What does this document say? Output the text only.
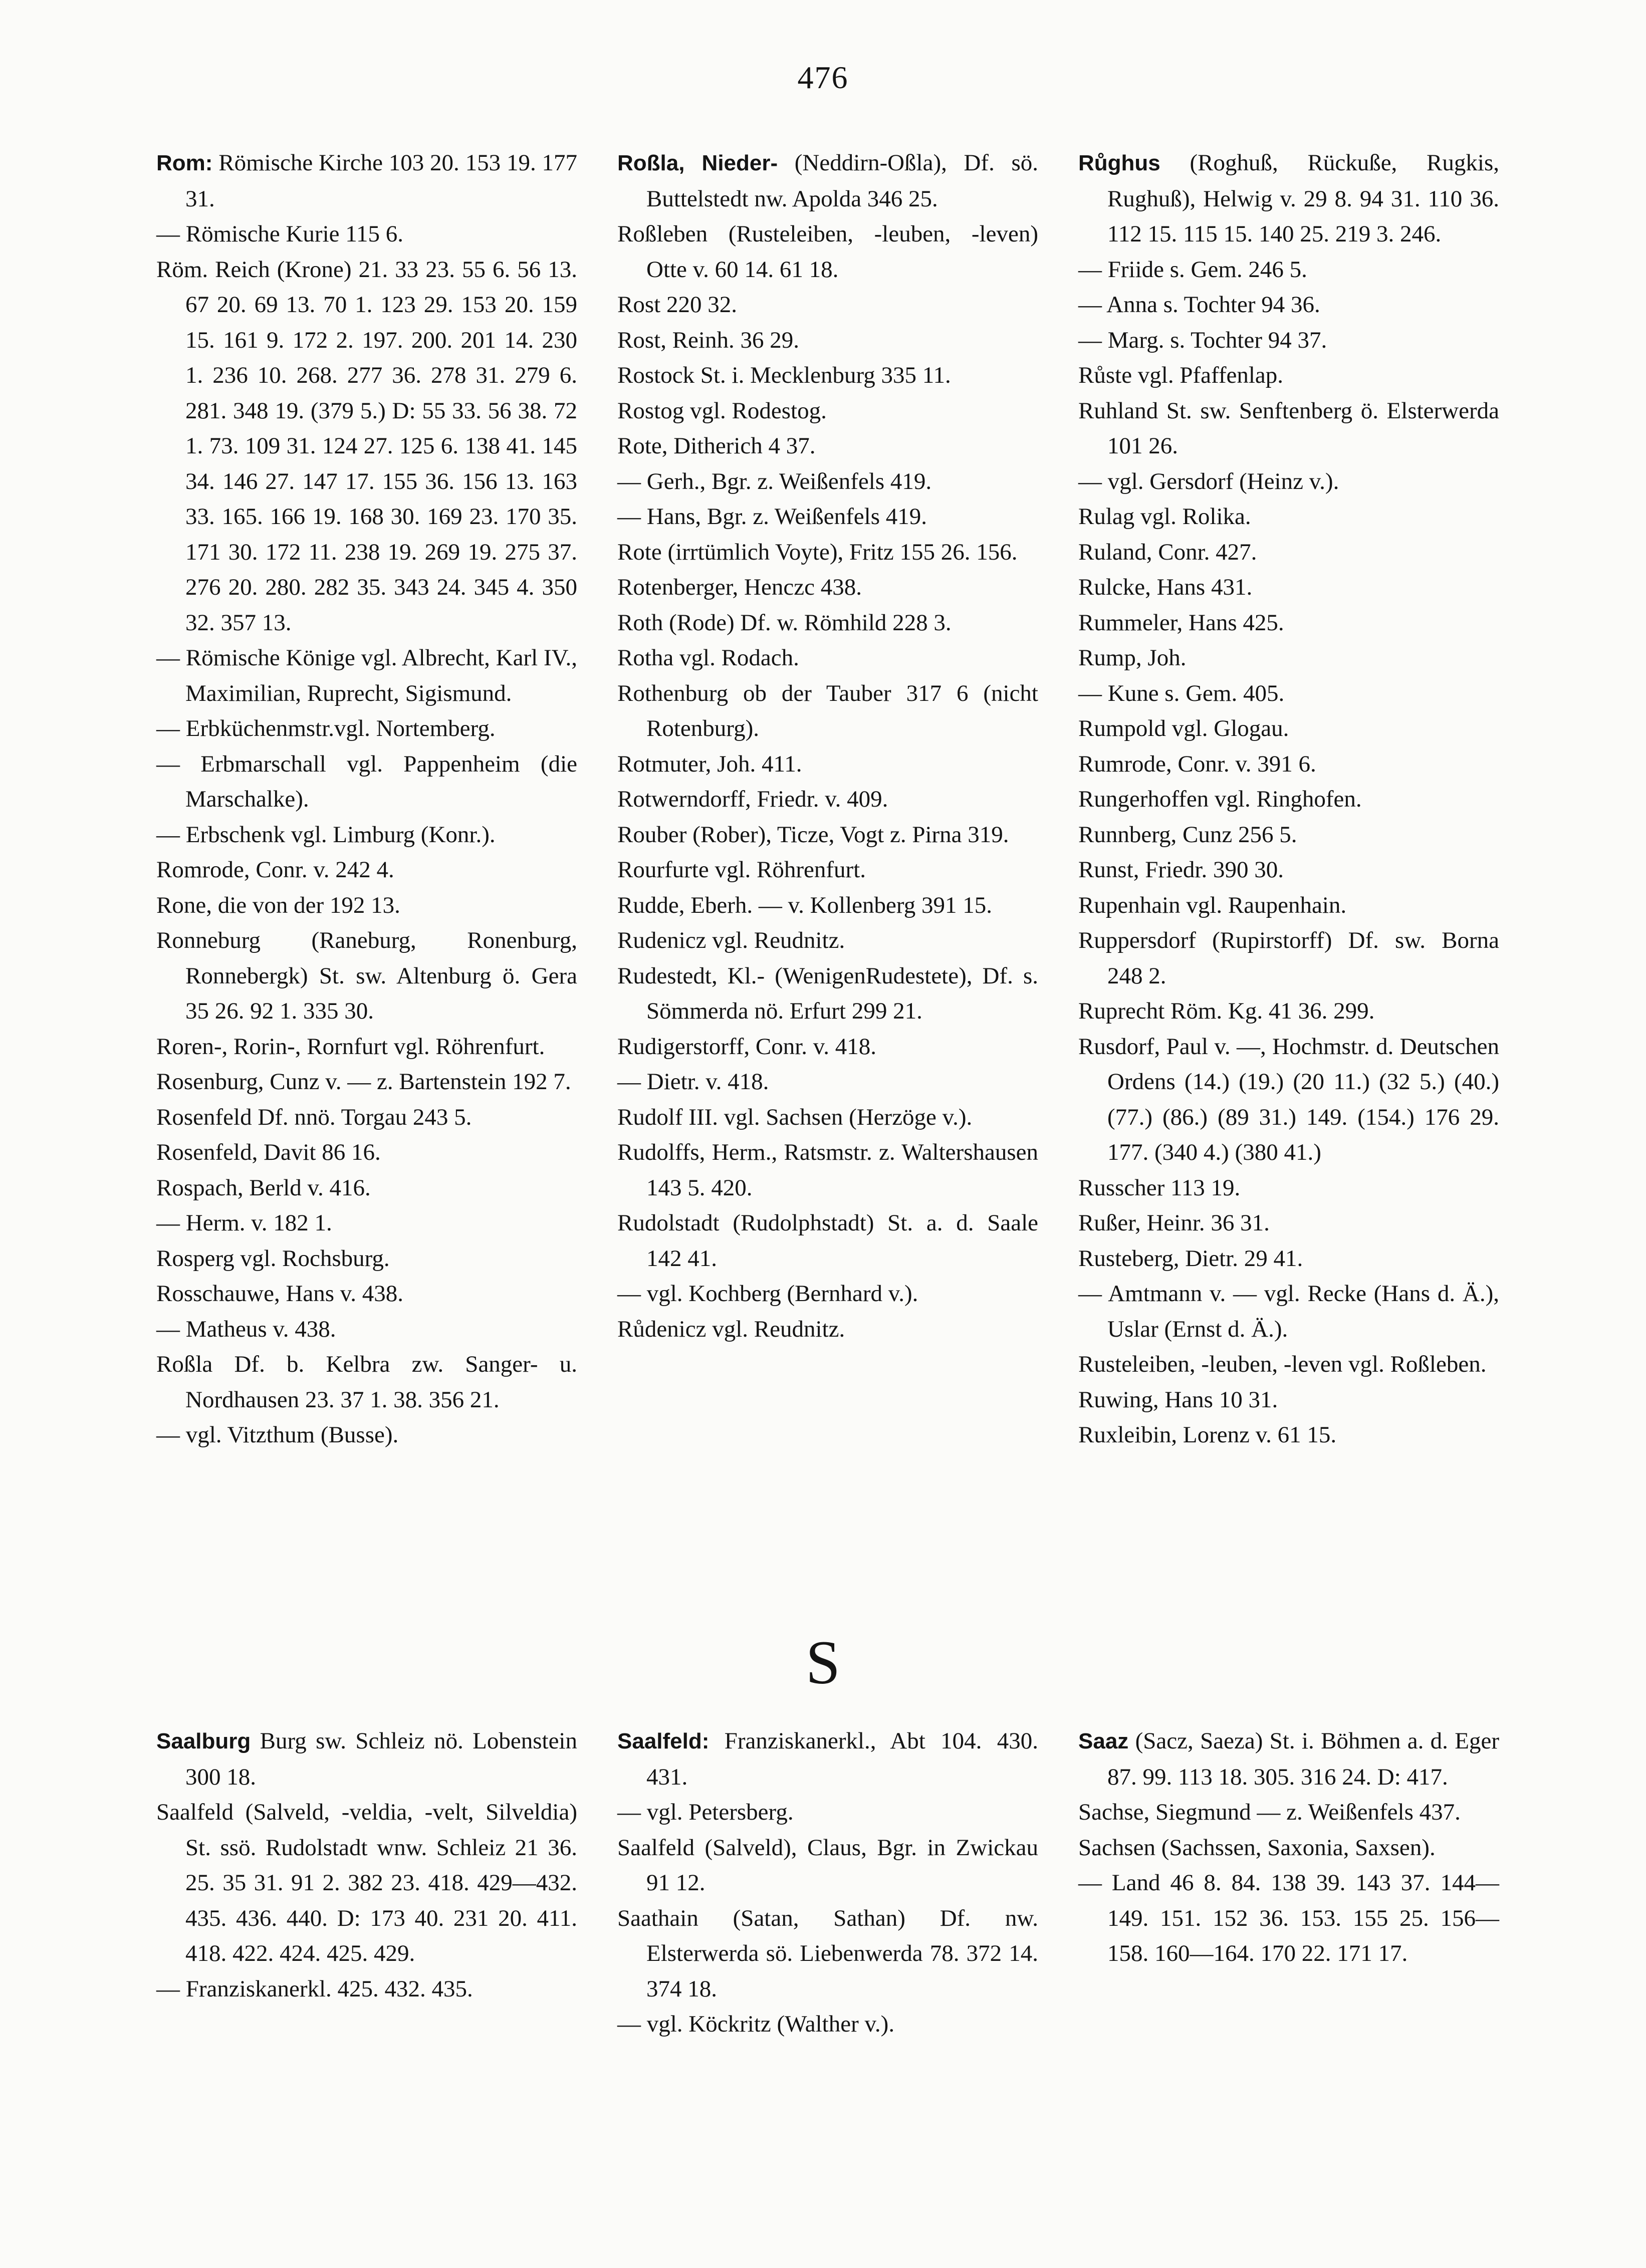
476
Rom: Römische Kirche 103 20. 153 19. 177 31.
— Römische Kurie 115 6.
Röm. Reich (Krone) 21. 33 23. 55 6. 56 13. 67 20. 69 13. 70 1. 123 29. 153 20. 159 15. 161 9. 172 2. 197. 200. 201 14. 230 1. 236 10. 268. 277 36. 278 31. 279 6. 281. 348 19. (379 5.) D: 55 33. 56 38. 72 1. 73. 109 31. 124 27. 125 6. 138 41. 145 34. 146 27. 147 17. 155 36. 156 13. 163 33. 165. 166 19. 168 30. 169 23. 170 35. 171 30. 172 11. 238 19. 269 19. 275 37. 276 20. 280. 282 35. 343 24. 345 4. 350 32. 357 13.
— Römische Könige vgl. Albrecht, Karl IV., Maximilian, Ruprecht, Sigismund.
— Erbküchenmstr.vgl. Nortemberg.
— Erbmarschall vgl. Pappenheim (die Marschalke).
— Erbschenk vgl. Limburg (Konr.).
Romrode, Conr. v. 242 4.
Rone, die von der 192 13.
Ronneburg (Raneburg, Ronenburg, Ronnebergk) St. sw. Altenburg ö. Gera 35 26. 92 1. 335 30.
Roren-, Rorin-, Rornfurt vgl. Röhrenfurt.
Rosenburg, Cunz v. — z. Bartenstein 192 7.
Rosenfeld Df. nnö. Torgau 243 5.
Rosenfeld, Davit 86 16.
Rospach, Berld v. 416.
— Herm. v. 182 1.
Rosperg vgl. Rochsburg.
Rosschauwe, Hans v. 438.
— Matheus v. 438.
Roßla Df. b. Kelbra zw. Sanger- u. Nordhausen 23. 37 1. 38. 356 21.
— vgl. Vitzthum (Busse).
Roßla, Nieder- (Neddirn-Oßla), Df. sö. Buttelstedt nw. Apolda 346 25.
Roßleben (Rusteleiben, -leuben, -leven) Otte v. 60 14. 61 18.
Rost 220 32.
Rost, Reinh. 36 29.
Rostock St. i. Mecklenburg 335 11.
Rostog vgl. Rodestog.
Rote, Ditherich 4 37.
— Gerh., Bgr. z. Weißenfels 419.
— Hans, Bgr. z. Weißenfels 419.
Rote (irrtümlich Voyte), Fritz 155 26. 156.
Rotenberger, Henczc 438.
Roth (Rode) Df. w. Römhild 228 3.
Rotha vgl. Rodach.
Rothenburg ob der Tauber 317 6 (nicht Rotenburg).
Rotmuter, Joh. 411.
Rotwerndorff, Friedr. v. 409.
Rouber (Rober), Ticze, Vogt z. Pirna 319.
Rourfurte vgl. Röhrenfurt.
Rudde, Eberh. — v. Kollenberg 391 15.
Rudenicz vgl. Reudnitz.
Rudestedt, Kl.- (WenigenRudestete), Df. s. Sömmerda nö. Erfurt 299 21.
Rudigerstorff, Conr. v. 418.
— Dietr. v. 418.
Rudolf III. vgl. Sachsen (Herzöge v.).
Rudolffs, Herm., Ratsmstr. z. Waltershausen 143 5. 420.
Rudolstadt (Rudolphstadt) St. a. d. Saale 142 41.
— vgl. Kochberg (Bernhard v.).
Růdenicz vgl. Reudnitz.
Růghus (Roghuß, Rückuße, Rugkis, Rughuß), Helwig v. 29 8. 94 31. 110 36. 112 15. 115 15. 140 25. 219 3. 246.
— Friide s. Gem. 246 5.
— Anna s. Tochter 94 36.
— Marg. s. Tochter 94 37.
Růste vgl. Pfaffenlap.
Ruhland St. sw. Senftenberg ö. Elsterwerda 101 26.
— vgl. Gersdorf (Heinz v.).
Rulag vgl. Rolika.
Ruland, Conr. 427.
Rulcke, Hans 431.
Rummeler, Hans 425.
Rump, Joh.
— Kune s. Gem. 405.
Rumpold vgl. Glogau.
Rumrode, Conr. v. 391 6.
Rungerhoffen vgl. Ringhofen.
Runnberg, Cunz 256 5.
Runst, Friedr. 390 30.
Rupenhain vgl. Raupenhain.
Ruppersdorf (Rupirstorff) Df. sw. Borna 248 2.
Ruprecht Röm. Kg. 41 36. 299.
Rusdorf, Paul v. —, Hochmstr. d. Deutschen Ordens (14.) (19.) (20 11.) (32 5.) (40.) (77.) (86.) (89 31.) 149. (154.) 176 29. 177. (340 4.) (380 41.)
Russcher 113 19.
Rußer, Heinr. 36 31.
Rusteberg, Dietr. 29 41.
— Amtmann v. — vgl. Recke (Hans d. Ä.), Uslar (Ernst d. Ä.).
Rusteleiben, -leuben, -leven vgl. Roßleben.
Ruwing, Hans 10 31.
Ruxleibin, Lorenz v. 61 15.
S
Saalburg Burg sw. Schleiz nö. Lobenstein 300 18.
Saalfeld (Salveld, -veldia, -velt, Silveldia) St. ssö. Rudolstadt wnw. Schleiz 21 36. 25. 35 31. 91 2. 382 23. 418. 429—432. 435. 436. 440. D: 173 40. 231 20. 411. 418. 422. 424. 425. 429.
— Franziskanerkl. 425. 432. 435.
Saalfeld: Franziskanerkl., Abt 104. 430. 431.
— vgl. Petersberg.
Saalfeld (Salveld), Claus, Bgr. in Zwickau 91 12.
Saathain (Satan, Sathan) Df. nw. Elsterwerda sö. Liebenwerda 78. 372 14. 374 18.
— vgl. Köckritz (Walther v.).
Saaz (Sacz, Saeza) St. i. Böhmen a. d. Eger 87. 99. 113 18. 305. 316 24. D: 417.
Sachse, Siegmund — z. Weißenfels 437.
Sachsen (Sachssen, Saxonia, Saxsen).
— Land 46 8. 84. 138 39. 143 37. 144—149. 151. 152 36. 153. 155 25. 156—158. 160—164. 170 22. 171 17.
